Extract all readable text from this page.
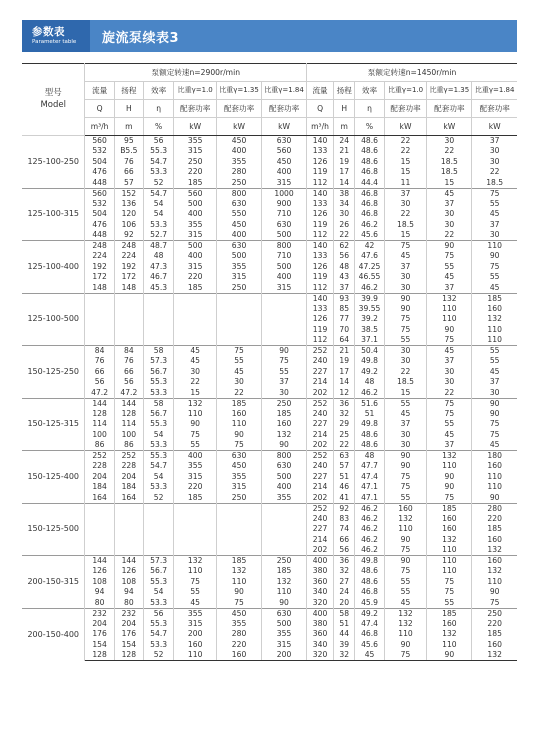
参数表
Parameter table 旋流泵续表3
型号
Model	泵额定转速n=2900r/min						泵额定转速n=1450r/min					
	流量	扬程	效率	比重γ=1.0	比重γ=1.35	比重γ=1.84	流量	扬程	效率	比重γ=1.0	比重γ=1.35	比重γ=1.84
	Q	H	η	配套功率	配套功率	配套功率	Q	H	η	配套功率	配套功率	配套功率
	m³/h	m	%	kW	kW	kW	m³/h	m	%	kW	kW	kW
125-100-250	560	95	56	355	450	630	140	24	48.6	22	30	37
	532	B5.5	55.3	315	400	560	133	21	48.6	22	22	30
	504	76	54.7	250	355	450	126	19	48.6	15	18.5	30
	476	66	53.3	220	280	400	119	17	46.8	15	18.5	22
	448	57	52	185	250	315	112	14	44.4	11	15	18.5
125-100-315	560	152	54.7	560	800	1000	140	38	46.8	37	45	75
	532	136	54	500	630	900	133	34	46.8	30	37	55
	504	120	54	400	550	710	126	30	46.8	22	30	45
	476	106	53.3	355	450	630	119	26	46.2	18.5	30	37
	448	92	52.7	315	400	500	112	22	45.6	15	22	30
125-100-400	248	248	48.7	500	630	800	140	62	42	75	90	110
	224	224	48	400	500	710	133	56	47.6	45	75	90
	192	192	47.3	315	355	500	126	48	47.25	37	55	75
	172	172	46.7	220	315	400	119	43	46.55	30	45	55
	148	148	45.3	185	250	315	112	37	46.2	30	37	45
125-100-500							140	93	39.9	90	132	185
							133	85	39.55	90	110	160
							126	77	39.2	75	110	132
							119	70	38.5	75	90	110
							112	64	37.1	55	75	110
150-125-250	84	84	58	45	75	90	252	21	50.4	30	45	55
	76	76	57.3	45	55	75	240	19	49.8	30	37	55
	66	66	56.7	30	45	55	227	17	49.2	22	30	45
	56	56	55.3	22	30	37	214	14	48	18.5	30	37
	47.2	47.2	53.3	15	22	30	202	12	46.2	15	22	30
150-125-315	144	144	58	132	185	250	252	36	51.6	55	75	90
	128	128	56.7	110	160	185	240	32	51	45	75	90
	114	114	55.3	90	110	160	227	29	49.8	37	55	75
	100	100	54	75	90	132	214	25	48.6	30	45	75
	86	86	53.3	55	75	90	202	22	48.6	30	37	45
150-125-400	252	252	55.3	400	630	800	252	63	48	90	132	180
	228	228	54.7	355	450	630	240	57	47.7	90	110	160
	204	204	54	315	355	500	227	51	47.4	75	90	110
	184	184	53.3	220	315	400	214	46	47.1	75	90	110
	164	164	52	185	250	355	202	41	47.1	55	75	90
150-125-500							252	92	46.2	160	185	280
							240	83	46.2	132	160	220
							227	74	46.2	110	160	185
							214	66	46.2	90	132	160
							202	56	46.2	75	110	132
200-150-315	144	144	57.3	132	185	250	400	36	49.8	90	110	160
	126	126	56.7	110	132	185	380	32	48.6	75	110	132
	108	108	55.3	75	110	132	360	27	48.6	55	75	110
	94	94	54	55	90	110	340	24	46.8	55	75	90
	80	80	53.3	45	75	90	320	20	45.9	45	55	75
200-150-400	232	232	56	355	450	630	400	58	49.2	132	185	250
	204	204	55.3	315	355	500	380	51	47.4	132	160	220
	176	176	54.7	200	280	355	360	44	46.8	110	132	185
	154	154	53.3	160	220	315	340	39	45.6	90	110	160
	128	128	52	110	160	200	320	32	45	75	90	132
